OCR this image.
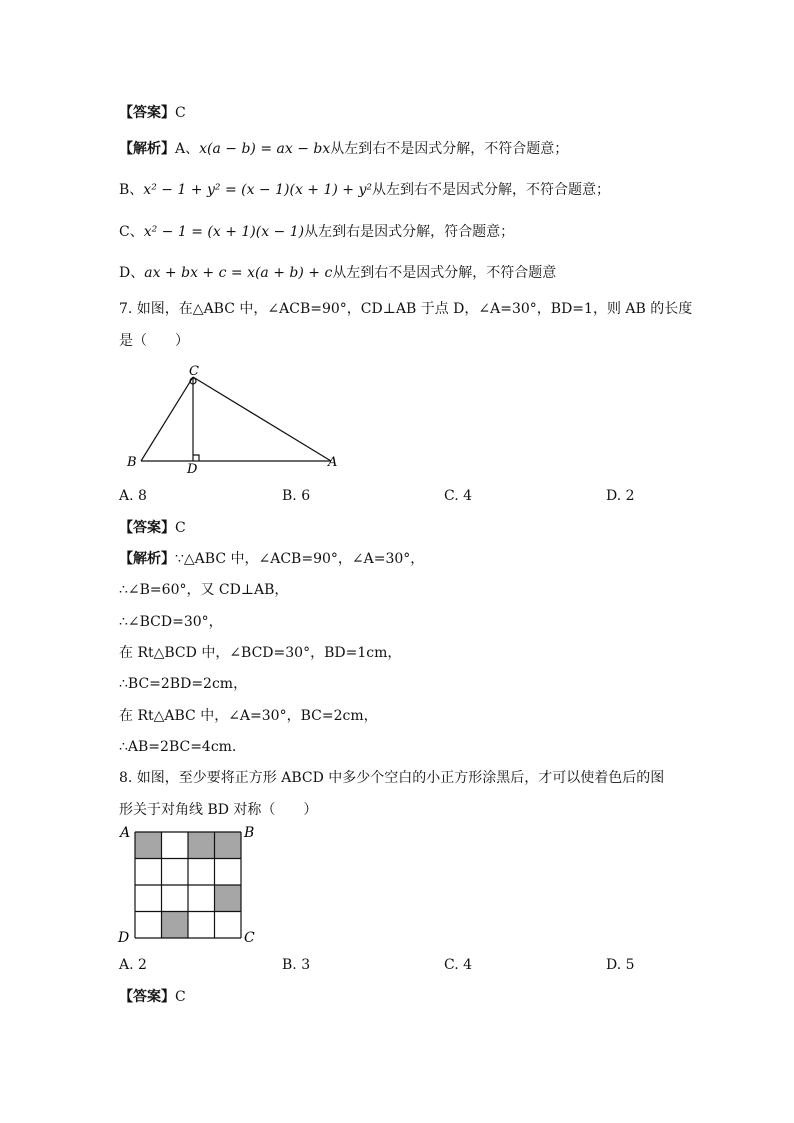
【答案】C
【解析】A、x(a − b) = ax − bx从左到右不是因式分解，不符合题意；
B、x² − 1 + y² = (x − 1)(x + 1) + y²从左到右不是因式分解，不符合题意；
C、x² − 1 = (x + 1)(x − 1)从左到右是因式分解，符合题意；
D、ax + bx + c = x(a + b) + c从左到右不是因式分解，不符合题意
7. 如图，在△ABC 中，∠ACB=90°，CD⊥AB 于点 D，∠A=30°，BD=1，则 AB 的长度
是（　　）
C
B	D	A
A. 8	B. 6	C. 4	D. 2
【答案】C
【解析】∵△ABC 中，∠ACB=90°，∠A=30°，
∴∠B=60°，又 CD⊥AB，
∴∠BCD=30°，
在 Rt△BCD 中，∠BCD=30°，BD=1cm，
∴BC=2BD=2cm，
在 Rt△ABC 中，∠A=30°，BC=2cm，
∴AB=2BC=4cm．
8. 如图，至少要将正方形 ABCD 中多少个空白的小正方形涂黑后，才可以使着色后的图
形关于对角线 BD 对称（　　）
A	B
D	C
A. 2	B. 3	C. 4	D. 5
【答案】C
